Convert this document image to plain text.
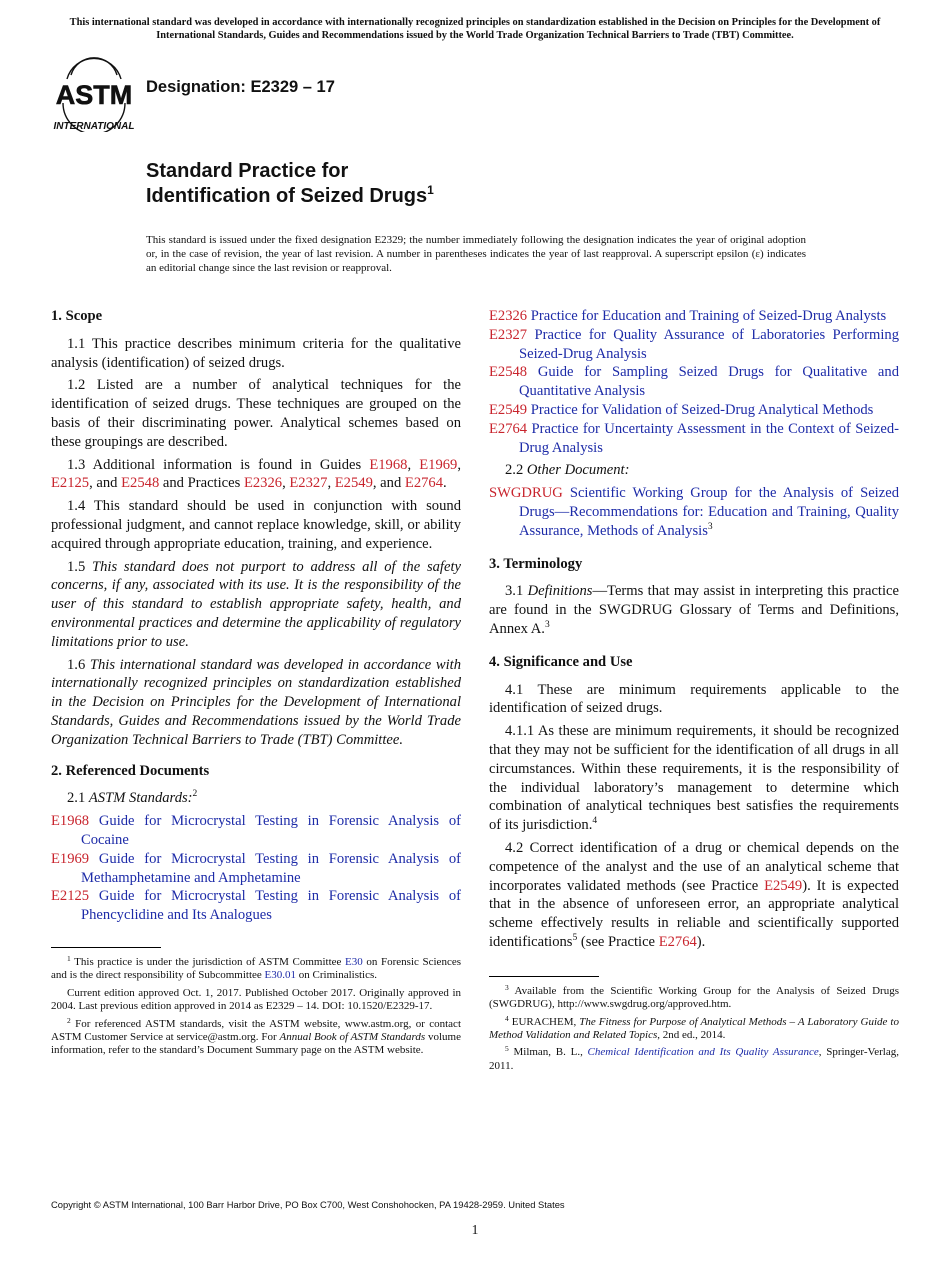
This international standard was developed in accordance with internationally recognized principles on standardization established in the Decision on Principles for the Development of International Standards, Guides and Recommendations issued by the World Trade Organization Technical Barriers to Trade (TBT) Committee.
ASTM
INTERNATIONAL
Designation: E2329 – 17
Standard Practice for
Identification of Seized Drugs$^1$
This standard is issued under the fixed designation E2329; the number immediately following the designation indicates the year of original adoption or, in the case of revision, the year of last revision. A number in parentheses indicates the year of last reapproval. A superscript epsilon (ε) indicates an editorial change since the last revision or reapproval.
1. Scope

1.1 This practice describes minimum criteria for the qualitative analysis (identification) of seized drugs.

1.2 Listed are a number of analytical techniques for the identification of seized drugs. These techniques are grouped on the basis of their discriminating power. Analytical schemes based on these groupings are described.

1.3 Additional information is found in Guides E1968, E1969, E2125, and E2548 and Practices E2326, E2327, E2549, and E2764.

1.4 This standard should be used in conjunction with sound professional judgment, and cannot replace knowledge, skill, or ability acquired through appropriate education, training, and experience.

1.5 This standard does not purport to address all of the safety concerns, if any, associated with its use. It is the responsibility of the user of this standard to establish appropriate safety, health, and environmental practices and determine the applicability of regulatory limitations prior to use.

1.6 This international standard was developed in accordance with internationally recognized principles on standardization established in the Decision on Principles for the Development of International Standards, Guides and Recommendations issued by the World Trade Organization Technical Barriers to Trade (TBT) Committee.

2. Referenced Documents

2.1 ASTM Standards:$^2$

E1968 Guide for Microcrystal Testing in Forensic Analysis of Cocaine
E1969 Guide for Microcrystal Testing in Forensic Analysis of Methamphetamine and Amphetamine
E2125 Guide for Microcrystal Testing in Forensic Analysis of Phencyclidine and Its Analogues

$^1$ This practice is under the jurisdiction of ASTM Committee E30 on Forensic Sciences and is the direct responsibility of Subcommittee E30.01 on Criminalistics.

Current edition approved Oct. 1, 2017. Published October 2017. Originally approved in 2004. Last previous edition approved in 2014 as E2329 – 14. DOI: 10.1520/E2329-17.

$^2$ For referenced ASTM standards, visit the ASTM website, www.astm.org, or contact ASTM Customer Service at service@astm.org. For Annual Book of ASTM Standards volume information, refer to the standard’s Document Summary page on the ASTM website.

E2326 Practice for Education and Training of Seized-Drug Analysts
E2327 Practice for Quality Assurance of Laboratories Performing Seized-Drug Analysis
E2548 Guide for Sampling Seized Drugs for Qualitative and Quantitative Analysis
E2549 Practice for Validation of Seized-Drug Analytical Methods
E2764 Practice for Uncertainty Assessment in the Context of Seized-Drug Analysis

2.2 Other Document:

SWGDRUG Scientific Working Group for the Analysis of Seized Drugs—Recommendations for: Education and Training, Quality Assurance, Methods of Analysis$^3$
3. Terminology

3.1 Definitions—Terms that may assist in interpreting this practice are found in the SWGDRUG Glossary of Terms and Definitions, Annex A.$^3$

4. Significance and Use

4.1 These are minimum requirements applicable to the identification of seized drugs.

4.1.1 As these are minimum requirements, it should be recognized that they may not be sufficient for the identification of all drugs in all circumstances. Within these requirements, it is the responsibility of the individual laboratory’s management to determine which combination of analytical techniques best satisfies the requirements of its jurisdiction.$^4$

4.2 Correct identification of a drug or chemical depends on the competence of the analyst and the use of an analytical scheme that incorporates validated methods (see Practice E2549). It is expected that in the absence of unforeseen error, an appropriate analytical scheme effectively results in reliable and scientifically supported identifications$^5$ (see Practice E2764).

$^3$ Available from the Scientific Working Group for the Analysis of Seized Drugs (SWGDRUG), http://www.swgdrug.org/approved.htm.

$^4$ EURACHEM, The Fitness for Purpose of Analytical Methods – A Laboratory Guide to Method Validation and Related Topics, 2nd ed., 2014.

$^5$ Milman, B. L., Chemical Identification and Its Quality Assurance, Springer-Verlag, 2011.

Copyright © ASTM International, 100 Barr Harbor Drive, PO Box C700, West Conshohocken, PA 19428-2959. United States
1
